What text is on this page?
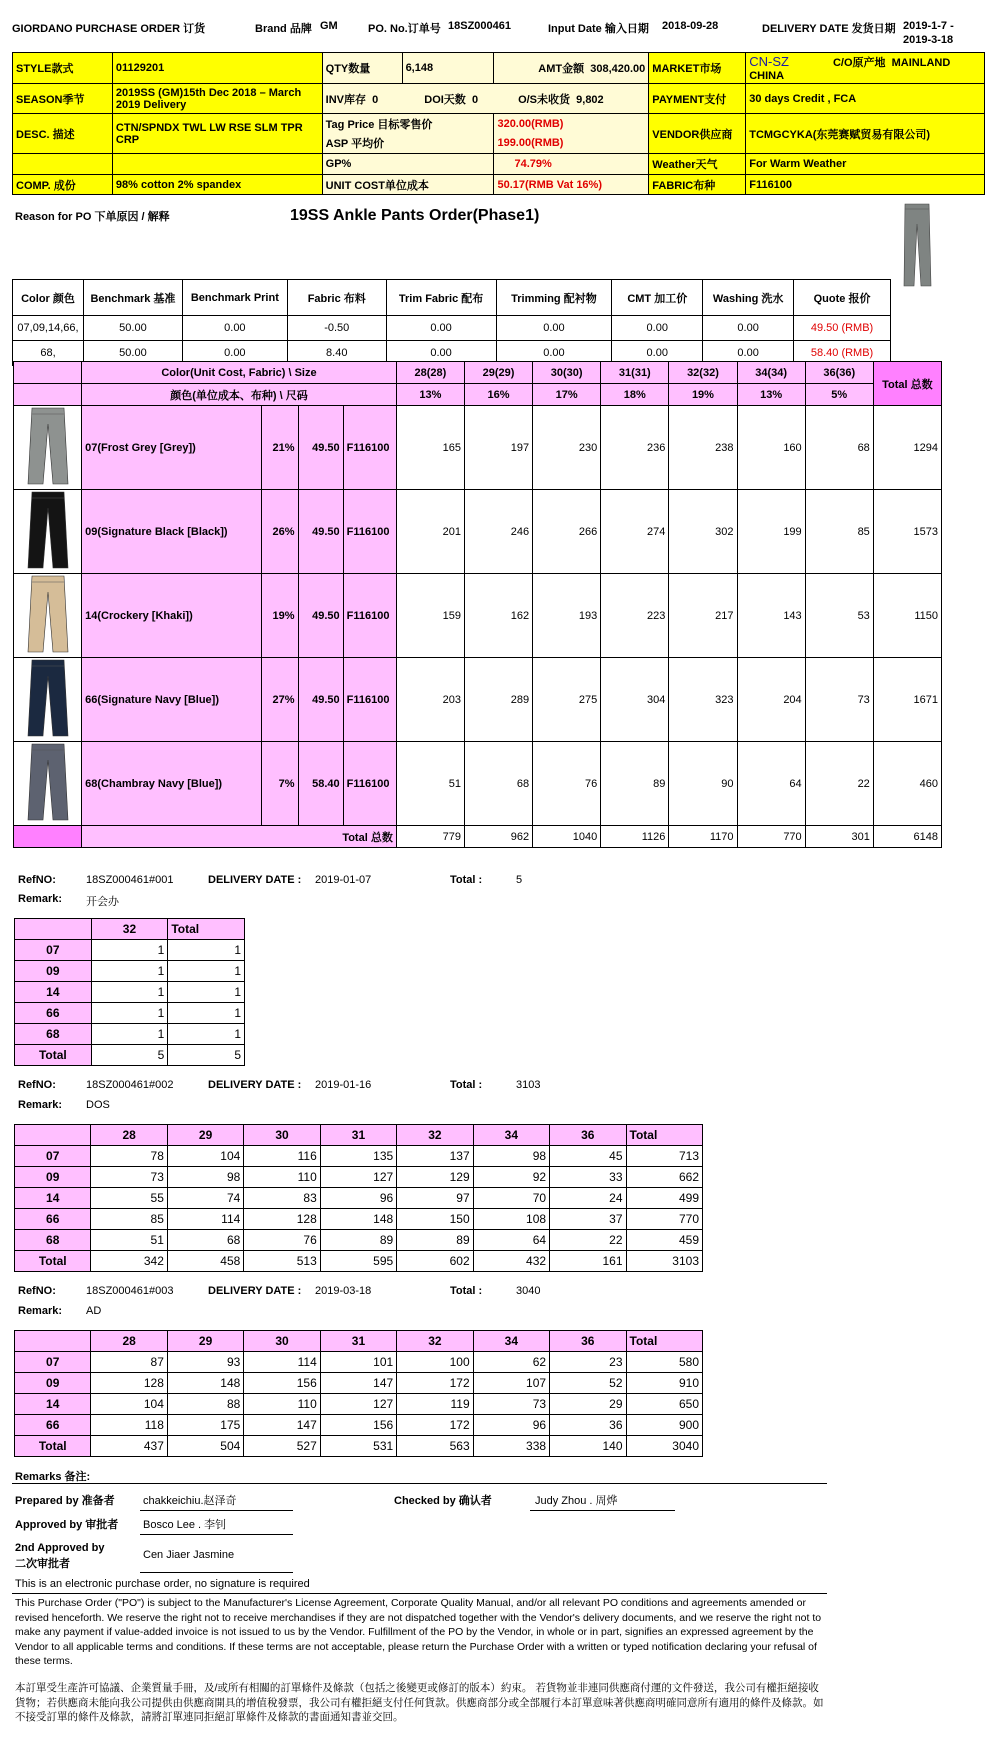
GIORDANO PURCHASE ORDER 订货	Brand 品牌 GM	PO. No.订单号 18SZ000461	Input Date 输入日期 2018-09-28	DELIVERY DATE 发货日期 2019-1-7 -
2019-3-18
STYLE款式	01129201	QTY数量	6,148	AMT金额 308,420.00	MARKET市场	CN-SZ C/O原产地 MAINLAND CHINA
SEASON季节	2019SS (GM)15th Dec 2018 – March 2019 Delivery	INV库存 0 DOI天数 0 O/S未收货 9,802			PAYMENT支付	30 days Credit , FCA
DESC. 描述	CTN/SPNDX TWL LW RSE SLM TPR CRP	Tag Price 目标零售价		320.00(RMB)	VENDOR供应商	TCMGCYKA(东莞赛赋贸易有限公司)
		ASP 平均价		199.00(RMB)		
		GP%		74.79%	Weather天气	For Warm Weather
COMP. 成份	98% cotton 2% spandex	UNIT COST单位成本		50.17(RMB Vat 16%)	FABRIC布种	F116100
Reason for PO 下单原因 / 解释	19SS Ankle Pants Order(Phase1)
Color 颜色	Benchmark 基准	Benchmark Print	Fabric 布料	Trim Fabric 配布	Trimming 配衬物	CMT 加工价	Washing 洗水	Quote 报价
07,09,14,66,	50.00	0.00	-0.50	0.00	0.00	0.00	0.00	49.50 (RMB)
68,	50.00	0.00	8.40	0.00	0.00	0.00	0.00	58.40 (RMB)
	Color(Unit Cost, Fabric) \ Size				28(28)	29(29)	30(30)	31(31)	32(32)	34(34)	36(36)	Total 总数
	颜色(单位成本、布种) \ 尺码				13%	16%	17%	18%	19%	13%	5%	
	07(Frost Grey [Grey])	21%	49.50	F116100	165	197	230	236	238	160	68	1294
	09(Signature Black [Black])	26%	49.50	F116100	201	246	266	274	302	199	85	1573
	14(Crockery [Khaki])	19%	49.50	F116100	159	162	193	223	217	143	53	1150
	66(Signature Navy [Blue])	27%	49.50	F116100	203	289	275	304	323	204	73	1671
	68(Chambray Navy [Blue])	7%	58.40	F116100	51	68	76	89	90	64	22	460
	Total 总数				779	962	1040	1126	1170	770	301	6148
RefNO:	18SZ000461#001	DELIVERY DATE : 2019-01-07	Total :	5
Remark: 开会办
	32	Total
07	1	1
09	1	1
14	1	1
66	1	1
68	1	1
Total	5	5
RefNO:	18SZ000461#002	DELIVERY DATE : 2019-01-16	Total :	3103
Remark: DOS
	28	29	30	31	32	34	36	Total
07	78	104	116	135	137	98	45	713
09	73	98	110	127	129	92	33	662
14	55	74	83	96	97	70	24	499
66	85	114	128	148	150	108	37	770
68	51	68	76	89	89	64	22	459
Total	342	458	513	595	602	432	161	3103
RefNO:	18SZ000461#003	DELIVERY DATE : 2019-03-18	Total :	3040
Remark: AD
	28	29	30	31	32	34	36	Total
07	87	93	114	101	100	62	23	580
09	128	148	156	147	172	107	52	910
14	104	88	110	127	119	73	29	650
66	118	175	147	156	172	96	36	900
Total	437	504	527	531	563	338	140	3040
Remarks 备注:
Prepared by 准备者	chakkeichiu.赵泽奇	Checked by 确认者	Judy Zhou . 周烨
Approved by 审批者 Bosco Lee . 李钊
2nd Approved by
二次审批者
Cen Jiaer Jasmine
This is an electronic purchase order, no signature is required
This Purchase Order ("PO") is subject to the Manufacturer's License Agreement, Corporate Quality Manual, and/or all relevant PO conditions and agreements amended or revised henceforth. We reserve the right not to receive merchandises if they are not dispatched together with the Vendor's delivery documents, and we reserve the right not to make any payment if value-added invoice is not issued to us by the Vendor. Fulfillment of the PO by the Vendor, in whole or in part, signifies an expressed agreement by the Vendor to all applicable terms and conditions. If these terms are not acceptable, please return the Purchase Order with a written or typed notification declaring your refusal of these terms.
本訂單受生產許可協議、企業質量手冊，及/或所有相關的訂單條件及條款（包括之後變更或修訂的版本）約束。 若貨物並非連同供應商付運的文件發送，我公司有權拒絕接收貨物；若供應商未能向我公司提供由供應商開具的增值稅發票，我公司有權拒絕支付任何貨款。供應商部分或全部履行本訂單意味著供應商明確同意所有適用的條件及條款。如不接受訂單的條件及條款，請將訂單連同拒絕訂單條件及條款的書面通知書並交回。
